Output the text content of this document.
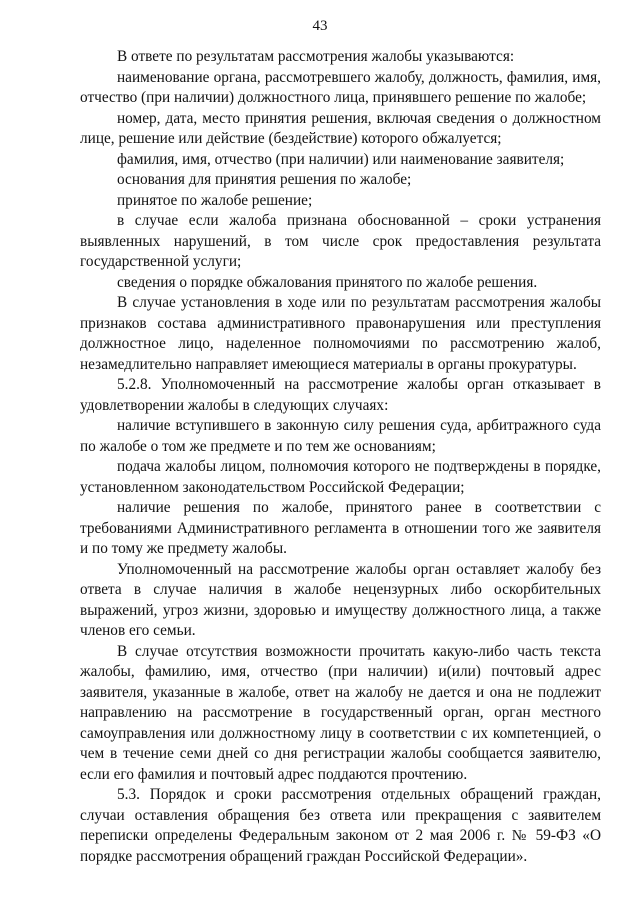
43

В ответе по результатам рассмотрения жалобы указываются:

наименование органа, рассмотревшего жалобу, должность, фамилия, имя, отчество (при наличии) должностного лица, принявшего решение по жалобе;

номер, дата, место принятия решения, включая сведения о должностном лице, решение или действие (бездействие) которого обжалуется;

фамилия, имя, отчество (при наличии) или наименование заявителя;

основания для принятия решения по жалобе;

принятое по жалобе решение;

в случае если жалоба признана обоснованной – сроки устранения выявленных нарушений, в том числе срок предоставления результата государственной услуги;

сведения о порядке обжалования принятого по жалобе решения.

В случае установления в ходе или по результатам рассмотрения жалобы признаков состава административного правонарушения или преступления должностное лицо, наделенное полномочиями по рассмотрению жалоб, незамедлительно направляет имеющиеся материалы в органы прокуратуры.

5.2.8. Уполномоченный на рассмотрение жалобы орган отказывает в удовлетворении жалобы в следующих случаях:

наличие вступившего в законную силу решения суда, арбитражного суда по жалобе о том же предмете и по тем же основаниям;

подача жалобы лицом, полномочия которого не подтверждены в порядке, установленном законодательством Российской Федерации;

наличие решения по жалобе, принятого ранее в соответствии с требованиями Административного регламента в отношении того же заявителя и по тому же предмету жалобы.

Уполномоченный на рассмотрение жалобы орган оставляет жалобу без ответа в случае наличия в жалобе нецензурных либо оскорбительных выражений, угроз жизни, здоровью и имуществу должностного лица, а также членов его семьи.

В случае отсутствия возможности прочитать какую-либо часть текста жалобы, фамилию, имя, отчество (при наличии) и(или) почтовый адрес заявителя, указанные в жалобе, ответ на жалобу не дается и она не подлежит направлению на рассмотрение в государственный орган, орган местного самоуправления или должностному лицу в соответствии с их компетенцией, о чем в течение семи дней со дня регистрации жалобы сообщается заявителю, если его фамилия и почтовый адрес поддаются прочтению.

5.3. Порядок и сроки рассмотрения отдельных обращений граждан, случаи оставления обращения без ответа или прекращения с заявителем переписки определены Федеральным законом от 2 мая 2006 г. № 59-ФЗ «О порядке рассмотрения обращений граждан Российской Федерации».
